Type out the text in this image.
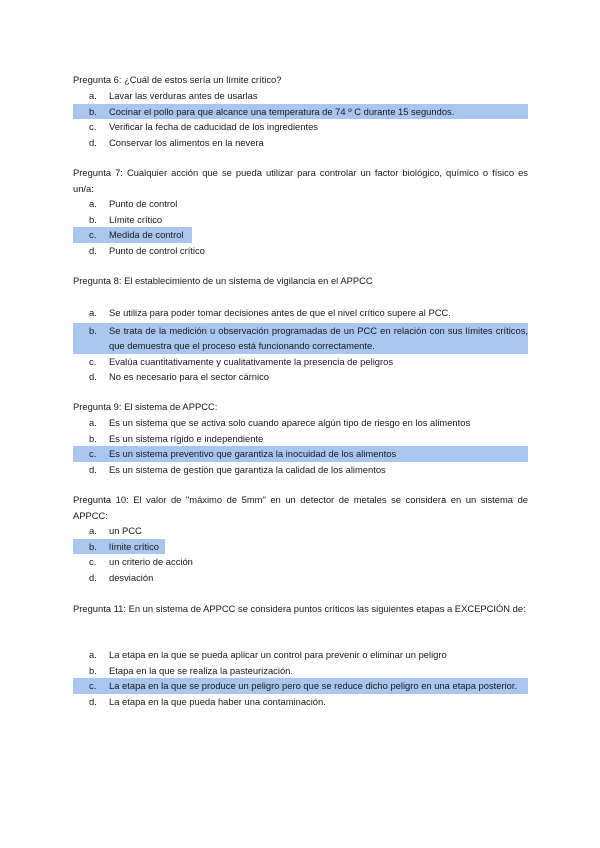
Pregunta 6: ¿Cuál de estos sería un límite crítico?

a. Lavar las verduras antes de usarlas
b. Cocinar el pollo para que alcance una temperatura de 74 º C durante 15 segundos.
c. Verificar la fecha de caducidad de los ingredientes
d. Conservar los alimentos en la nevera

Pregunta 7: Cualquier acción que se pueda utilizar para controlar un factor biológico, químico o físico es un/a:

a. Punto de control
b. Límite crítico
c. Medida de control
d. Punto de control crítico

Pregunta 8: El establecimiento de un sistema de vigilancia en el APPCC

a. Se utiliza para poder tomar decisiones antes de que el nivel crítico supere al PCC.
b. Se trata de la medición u observación programadas de un PCC en relación con sus límites críticos, que demuestra que el proceso está funcionando correctamente.
c. Evalúa cuantitativamente y cualitativamente la presencia de peligros
d. No es necesario para el sector cárnico

Pregunta 9: El sistema de APPCC:

a. Es un sistema que se activa solo cuando aparece algún tipo de riesgo en los alimentos
b. Es un sistema rígido e independiente
c. Es un sistema preventivo que garantiza la inocuidad de los alimentos
d. Es un sistema de gestión que garantiza la calidad de los alimentos

Pregunta 10: El valor de "máximo de 5mm" en un detector de metales se considera en un sistema de APPCC:

a. un PCC
b. límite crítico
c. un criterio de acción
d. desviación

Pregunta 11: En un sistema de APPCC se considera puntos críticos las siguientes etapas a EXCEPCIÓN de:

a. La etapa en la que se pueda aplicar un control para prevenir o eliminar un peligro
b. Etapa en la que se realiza la pasteurización.
c. La etapa en la que se produce un peligro pero que se reduce dicho peligro en una etapa posterior.
d. La etapa en la que pueda haber una contaminación.
